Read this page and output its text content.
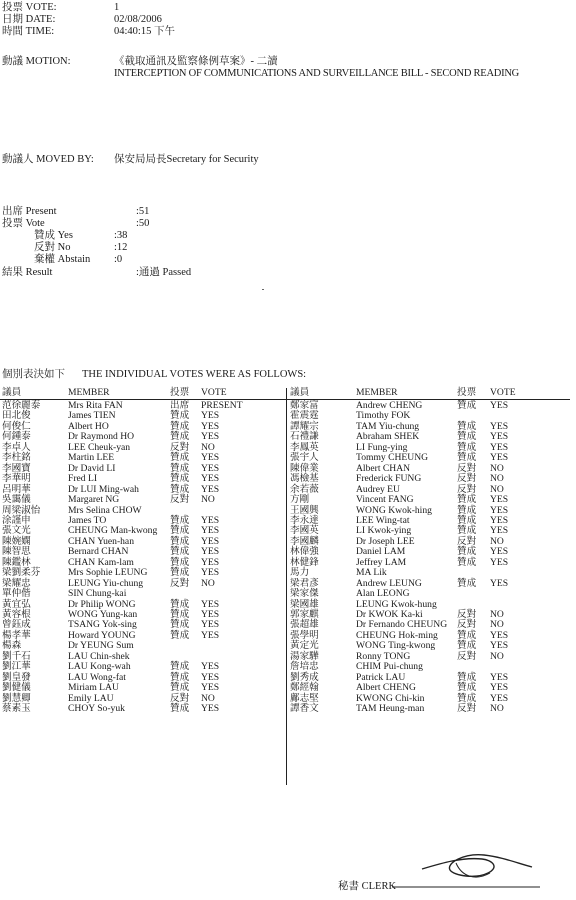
投票 VOTE:	1
日期 DATE:	02/08/2006
時間 TIME:	04:40:15 下午
動議 MOTION:	《截取通訊及監察條例草案》- 二讀
INTERCEPTION OF COMMUNICATIONS AND SURVEILLANCE BILL - SECOND READING
動議人 MOVED BY: 保安局局長Secretary for Security
出席 Present	:51
投票 Vote	:50
贊成 Yes	:38
反對 No	:12
棄權 Abstain :0
結果 Result	:通過 Passed
個別表決如下 THE INDIVIDUAL VOTES WERE AS FOLLOWS:
議員	MEMBER	投票 VOTE	議員	MEMBER	投票 VOTE
范徐麗泰	Mrs Rita FAN	出席 PRESENT
田北俊	James TIEN	贊成 YES
何俊仁	Albert HO	贊成 YES
何鍾泰	Dr Raymond HO	贊成 YES
李卓人	LEE Cheuk-yan	反對 NO
李柱銘	Martin LEE	贊成 YES
李國寶	Dr David LI	贊成 YES
李華明	Fred LI	贊成 YES
呂明華	Dr LUI Ming-wah	贊成 YES
吳靄儀	Margaret NG	反對 NO
周梁淑怡	Mrs Selina CHOW
涂謹申	James TO	贊成 YES
張文光	CHEUNG Man-kwong 贊成 YES
陳婉嫻	CHAN Yuen-han	贊成 YES
陳智思	Bernard CHAN	贊成 YES
陳鑑林	CHAN Kam-lam	贊成 YES
梁劉柔芬	Mrs Sophie LEUNG 贊成 YES
梁耀忠	LEUNG Yiu-chung	反對 NO
單仲偕	SIN Chung-kai
黃宜弘	Dr Philip WONG	贊成 YES
黃容根	WONG Yung-kan	贊成 YES
曾鈺成	TSANG Yok-sing	贊成 YES
楊孝華	Howard YOUNG	贊成 YES
楊森	Dr YEUNG Sum
劉千石	LAU Chin-shek
劉江華	LAU Kong-wah	贊成 YES
劉皇發	LAU Wong-fat	贊成 YES
劉健儀	Miriam LAU	贊成 YES
劉慧卿	Emily LAU	反對 NO
蔡素玉	CHOY So-yuk	贊成 YES
鄭家富	Andrew CHENG	贊成 YES
霍震霆	Timothy FOK
譚耀宗	TAM Yiu-chung	贊成 YES
石禮謙	Abraham SHEK	贊成 YES
李鳳英	LI Fung-ying	贊成 YES
張宇人	Tommy CHEUNG	贊成 YES
陳偉業	Albert CHAN	反對 NO
馮檢基	Frederick FUNG	反對 NO
余若薇	Audrey EU	反對 NO
方剛	Vincent FANG	贊成 YES
王國興	WONG Kwok-hing	贊成 YES
李永達	LEE Wing-tat	贊成 YES
李國英	LI Kwok-ying	贊成 YES
李國麟	Dr Joseph LEE	反對 NO
林偉強	Daniel LAM	贊成 YES
林健鋒	Jeffrey LAM	贊成 YES
馬力	MA Lik
梁君彥	Andrew LEUNG	贊成 YES
梁家傑	Alan LEONG
梁國雄	LEUNG Kwok-hung
郭家麒	Dr KWOK Ka-ki	反對 NO
張超雄	Dr Fernando CHEUNG 反對 NO
張學明	CHEUNG Hok-ming 贊成 YES
黃定光	WONG Ting-kwong 贊成 YES
湯家驊	Ronny TONG	反對 NO
詹培忠	CHIM Pui-chung
劉秀成	Patrick LAU	贊成 YES
鄭經翰	Albert CHENG	贊成 YES
鄺志堅	KWONG Chi-kin	贊成 YES
譚香文	TAM Heung-man	反對 NO
秘書 CLERK
